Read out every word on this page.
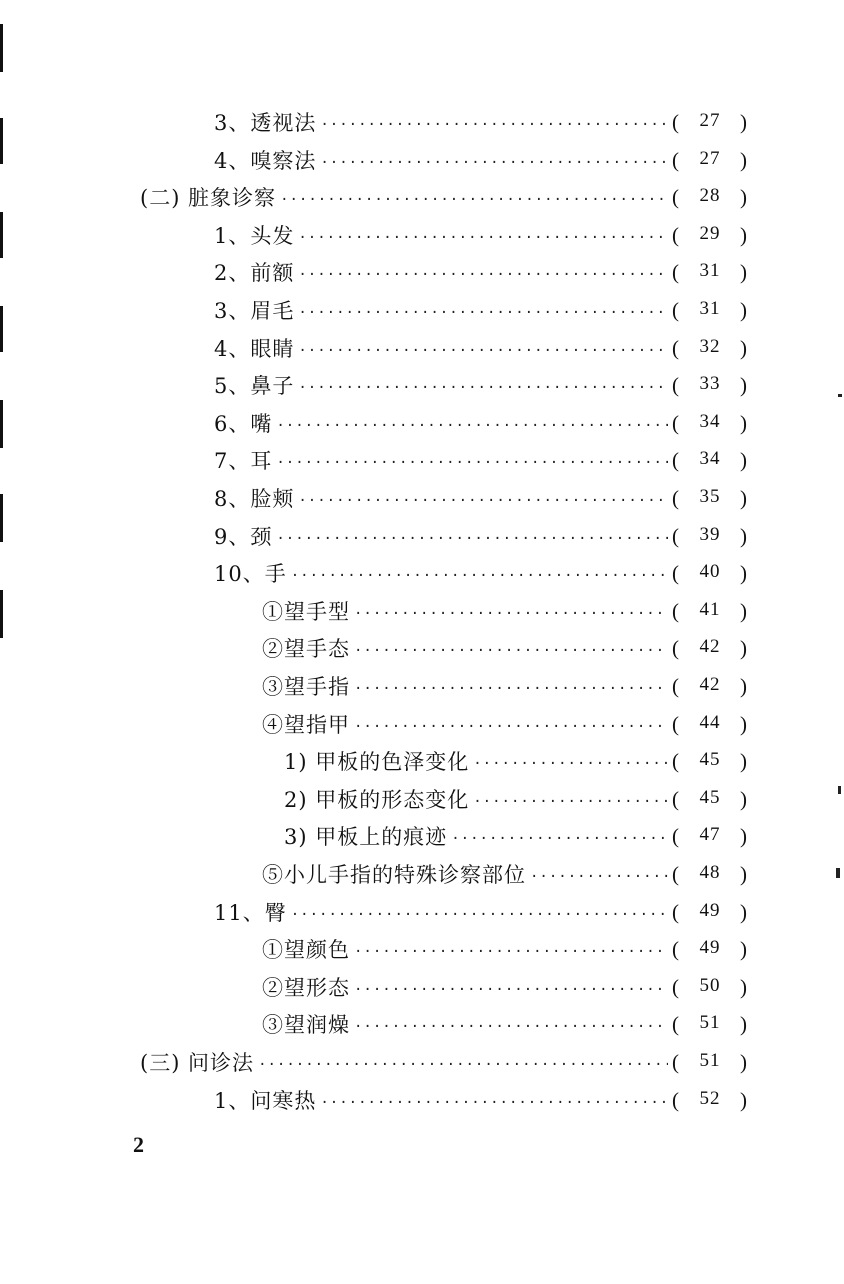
3、透视法 ·····	(	27 )
4、嗅察法 ·····	(	27 )
(二) 脏象诊察 ·····	(	28 )
1、头发 ·····	(	29 )
2、前额 ·····	(	31 )
3、眉毛 ·····	(	31 )
4、眼睛 ·····	(	32 )
5、鼻子 ·····	(	33 )
6、嘴 ·····	(	34 )
7、耳 ·····	(	34 )
8、脸颊 ·····	(	35 )
9、颈 ·····	(	39 )
10、手 ·····	(	40 )
①望手型 ·····	(	41 )
②望手态 ·····	(	42 )
③望手指 ·····	(	42 )
④望指甲 ·····	(	44 )
1) 甲板的色泽变化 ·····	(	45 )
2) 甲板的形态变化 ·····	(	45 )
3) 甲板上的痕迹 ·····	(	47 )
⑤小儿手指的特殊诊察部位 ·····	(	48 )
11、臀 ·····	(	49 )
①望颜色 ·····	(	49 )
②望形态 ·····	(	50 )
③望润燥 ·····	(	51 )
(三) 问诊法 ·····	(	51 )
1、问寒热 ·····	(	52 )
2
